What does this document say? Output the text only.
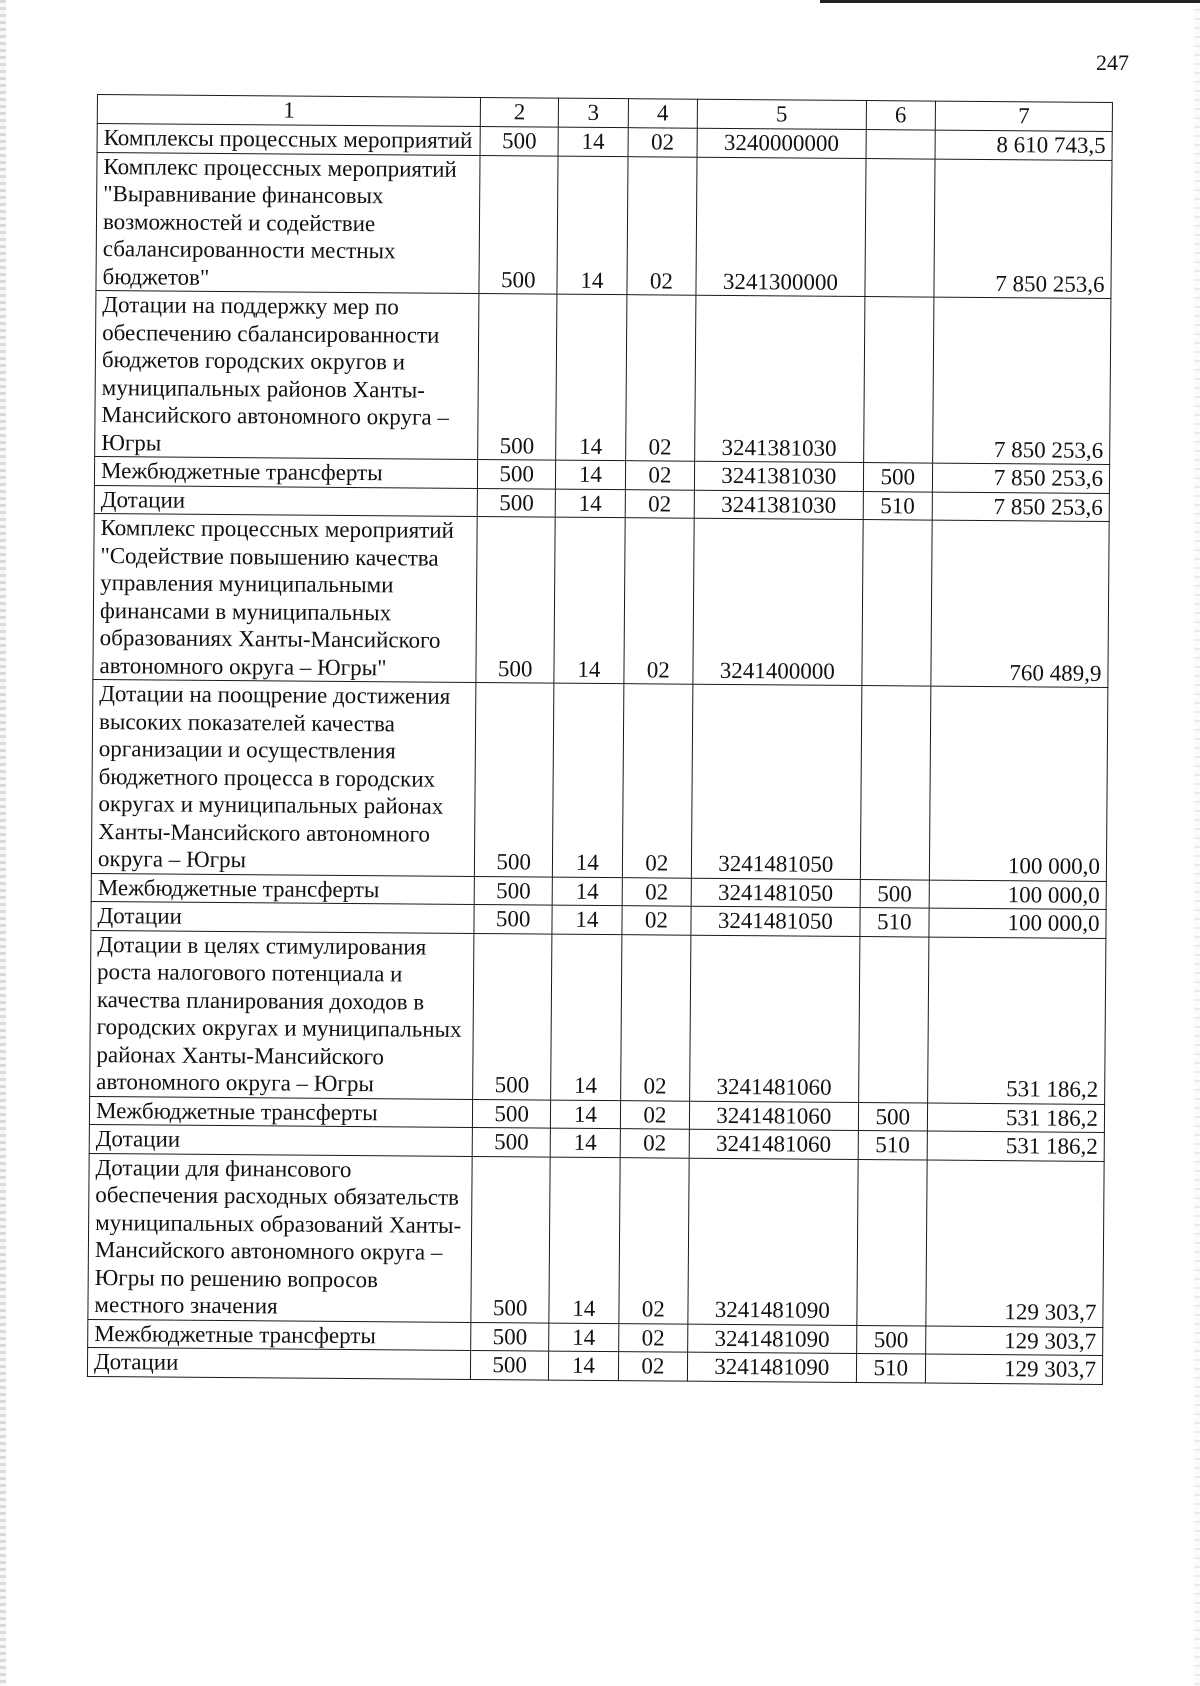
247
1	2	3	4	5	6	7
Комплексы процессных мероприятий	500	14	02	3240000000		8 610 743,5
Комплекс процессных мероприятий "Выравнивание финансовых возможностей и содействие сбалансированности местных бюджетов"	500	14	02	3241300000		7 850 253,6
Дотации на поддержку мер по обеспечению сбалансированности бюджетов городских округов и муниципальных районов Ханты-Мансийского автономного округа – Югры	500	14	02	3241381030		7 850 253,6
Межбюджетные трансферты	500	14	02	3241381030	500	7 850 253,6
Дотации	500	14	02	3241381030	510	7 850 253,6
Комплекс процессных мероприятий "Содействие повышению качества управления муниципальными финансами в муниципальных образованиях Ханты-Мансийского автономного округа – Югры"	500	14	02	3241400000		760 489,9
Дотации на поощрение достижения высоких показателей качества организации и осуществления бюджетного процесса в городских округах и муниципальных районах Ханты-Мансийского автономного округа – Югры	500	14	02	3241481050		100 000,0
Межбюджетные трансферты	500	14	02	3241481050	500	100 000,0
Дотации	500	14	02	3241481050	510	100 000,0
Дотации в целях стимулирования роста налогового потенциала и качества планирования доходов в городских округах и муниципальных районах Ханты-Мансийского автономного округа – Югры	500	14	02	3241481060		531 186,2
Межбюджетные трансферты	500	14	02	3241481060	500	531 186,2
Дотации	500	14	02	3241481060	510	531 186,2
Дотации для финансового обеспечения расходных обязательств муниципальных образований Ханты-Мансийского автономного округа – Югры по решению вопросов местного значения	500	14	02	3241481090		129 303,7
Межбюджетные трансферты	500	14	02	3241481090	500	129 303,7
Дотации	500	14	02	3241481090	510	129 303,7
